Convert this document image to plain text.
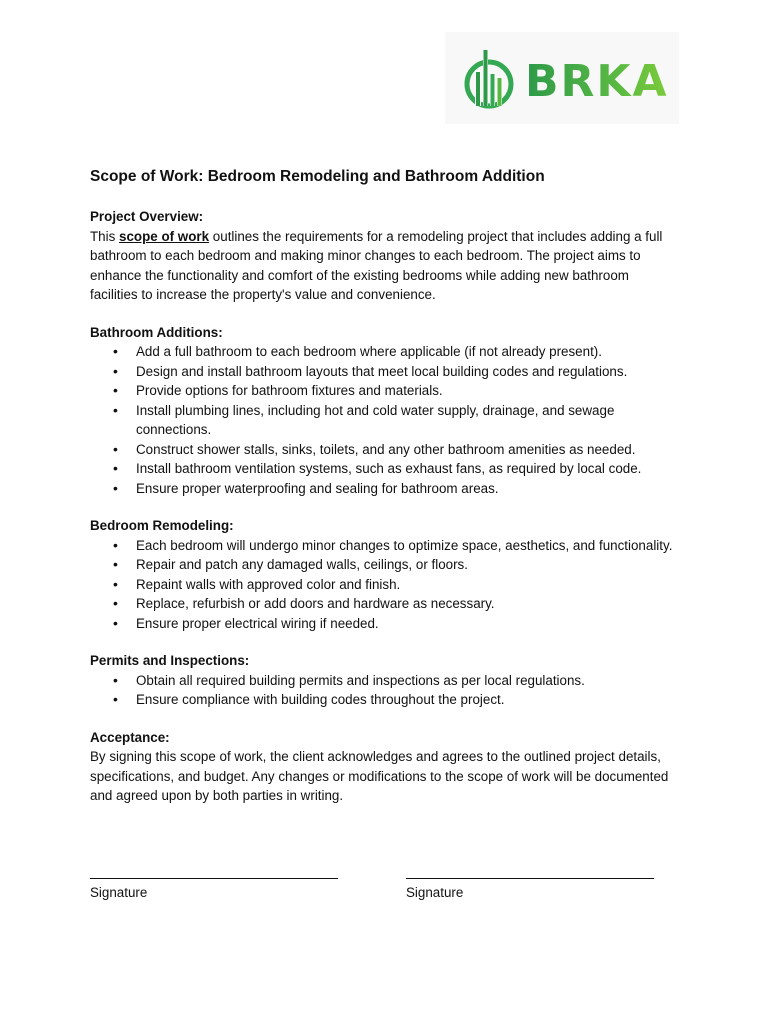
BRKA
Scope of Work: Bedroom Remodeling and Bathroom Addition

Project Overview:

This scope of work outlines the requirements for a remodeling project that includes adding a full bathroom to each bedroom and making minor changes to each bedroom. The project aims to enhance the functionality and comfort of the existing bedrooms while adding new bathroom facilities to increase the property's value and convenience.

Bathroom Additions:

• Add a full bathroom to each bedroom where applicable (if not already present).
• Design and install bathroom layouts that meet local building codes and regulations.
• Provide options for bathroom fixtures and materials.
• Install plumbing lines, including hot and cold water supply, drainage, and sewage connections.
• Construct shower stalls, sinks, toilets, and any other bathroom amenities as needed.
• Install bathroom ventilation systems, such as exhaust fans, as required by local code.
• Ensure proper waterproofing and sealing for bathroom areas.

Bedroom Remodeling:

• Each bedroom will undergo minor changes to optimize space, aesthetics, and functionality.
• Repair and patch any damaged walls, ceilings, or floors.
• Repaint walls with approved color and finish.
• Replace, refurbish or add doors and hardware as necessary.
• Ensure proper electrical wiring if needed.

Permits and Inspections:

• Obtain all required building permits and inspections as per local regulations.
• Ensure compliance with building codes throughout the project.

Acceptance:

By signing this scope of work, the client acknowledges and agrees to the outlined project details, specifications, and budget. Any changes or modifications to the scope of work will be documented and agreed upon by both parties in writing.

Signature	Signature
